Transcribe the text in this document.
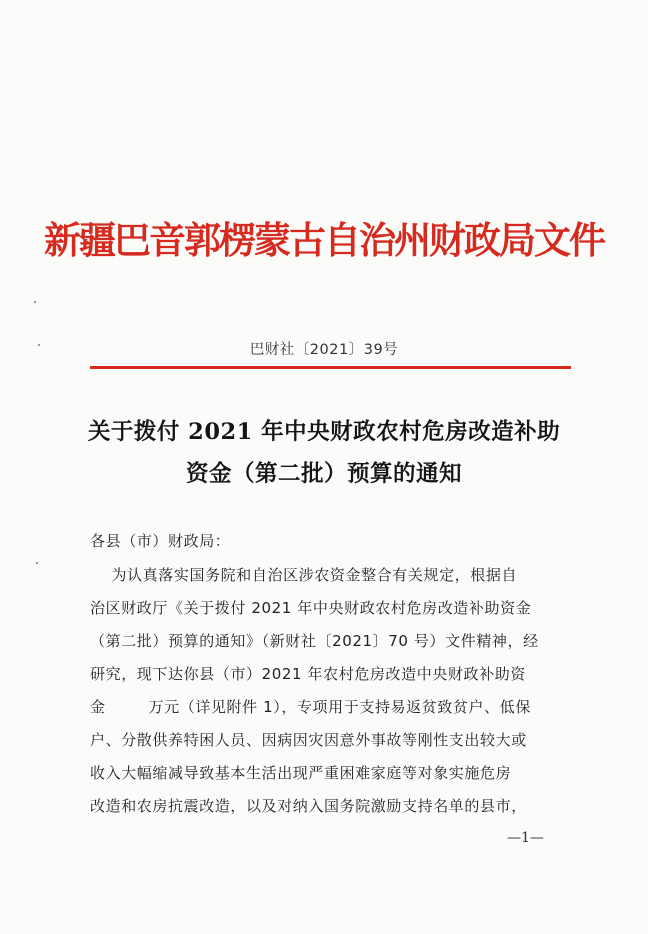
新疆巴音郭楞蒙古自治州财政局文件
巴财社〔2021〕39号
关于拨付 2021 年中央财政农村危房改造补助
资金（第二批）预算的通知
各县（市）财政局：
为认真落实国务院和自治区涉农资金整合有关规定，根据自
治区财政厅《关于拨付 2021 年中央财政农村危房改造补助资金
（第二批）预算的通知》（新财社〔2021〕70 号）文件精神，经
研究，现下达你县（市）2021 年农村危房改造中央财政补助资
金        万元（详见附件 1），专项用于支持易返贫致贫户、低保
户、分散供养特困人员、因病因灾因意外事故等刚性支出较大或
收入大幅缩减导致基本生活出现严重困难家庭等对象实施危房
改造和农房抗震改造，以及对纳入国务院激励支持名单的县市，
—1—
